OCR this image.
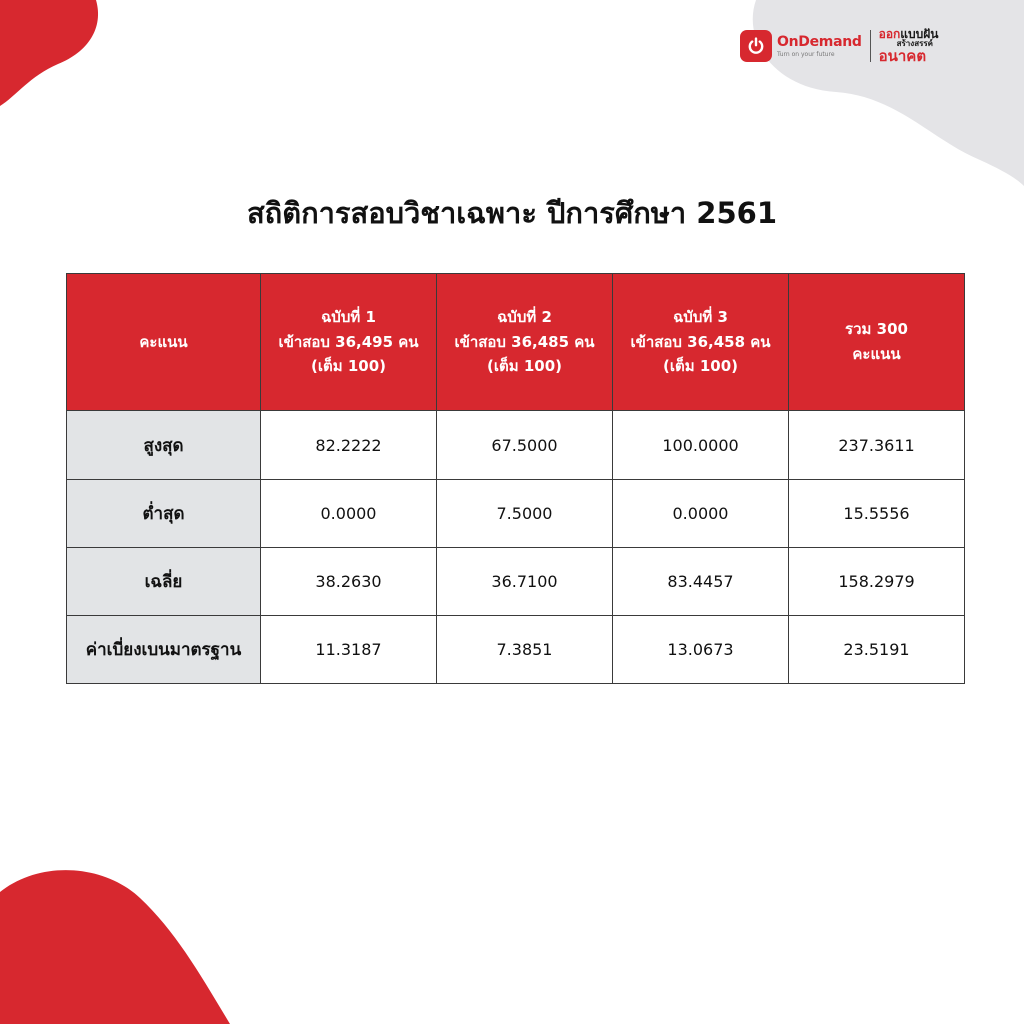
OnDemand
Turn on your future
ออกแบบฝัน
สร้างสรรค์
อนาคต
สถิติการสอบวิชาเฉพาะ ปีการศึกษา 2561
คะแนน	ฉบับที่ 1
เข้าสอบ 36,495 คน
(เต็ม 100)	ฉบับที่ 2
เข้าสอบ 36,485 คน
(เต็ม 100)	ฉบับที่ 3
เข้าสอบ 36,458 คน
(เต็ม 100)	รวม 300
คะแนน

สูงสุด	82.2222	67.5000	100.0000	237.3611
ต่ำสุด	0.0000	7.5000	0.0000	15.5556
เฉลี่ย	38.2630	36.7100	83.4457	158.2979
ค่าเบี่ยงเบนมาตรฐาน	11.3187	7.3851	13.0673	23.5191
